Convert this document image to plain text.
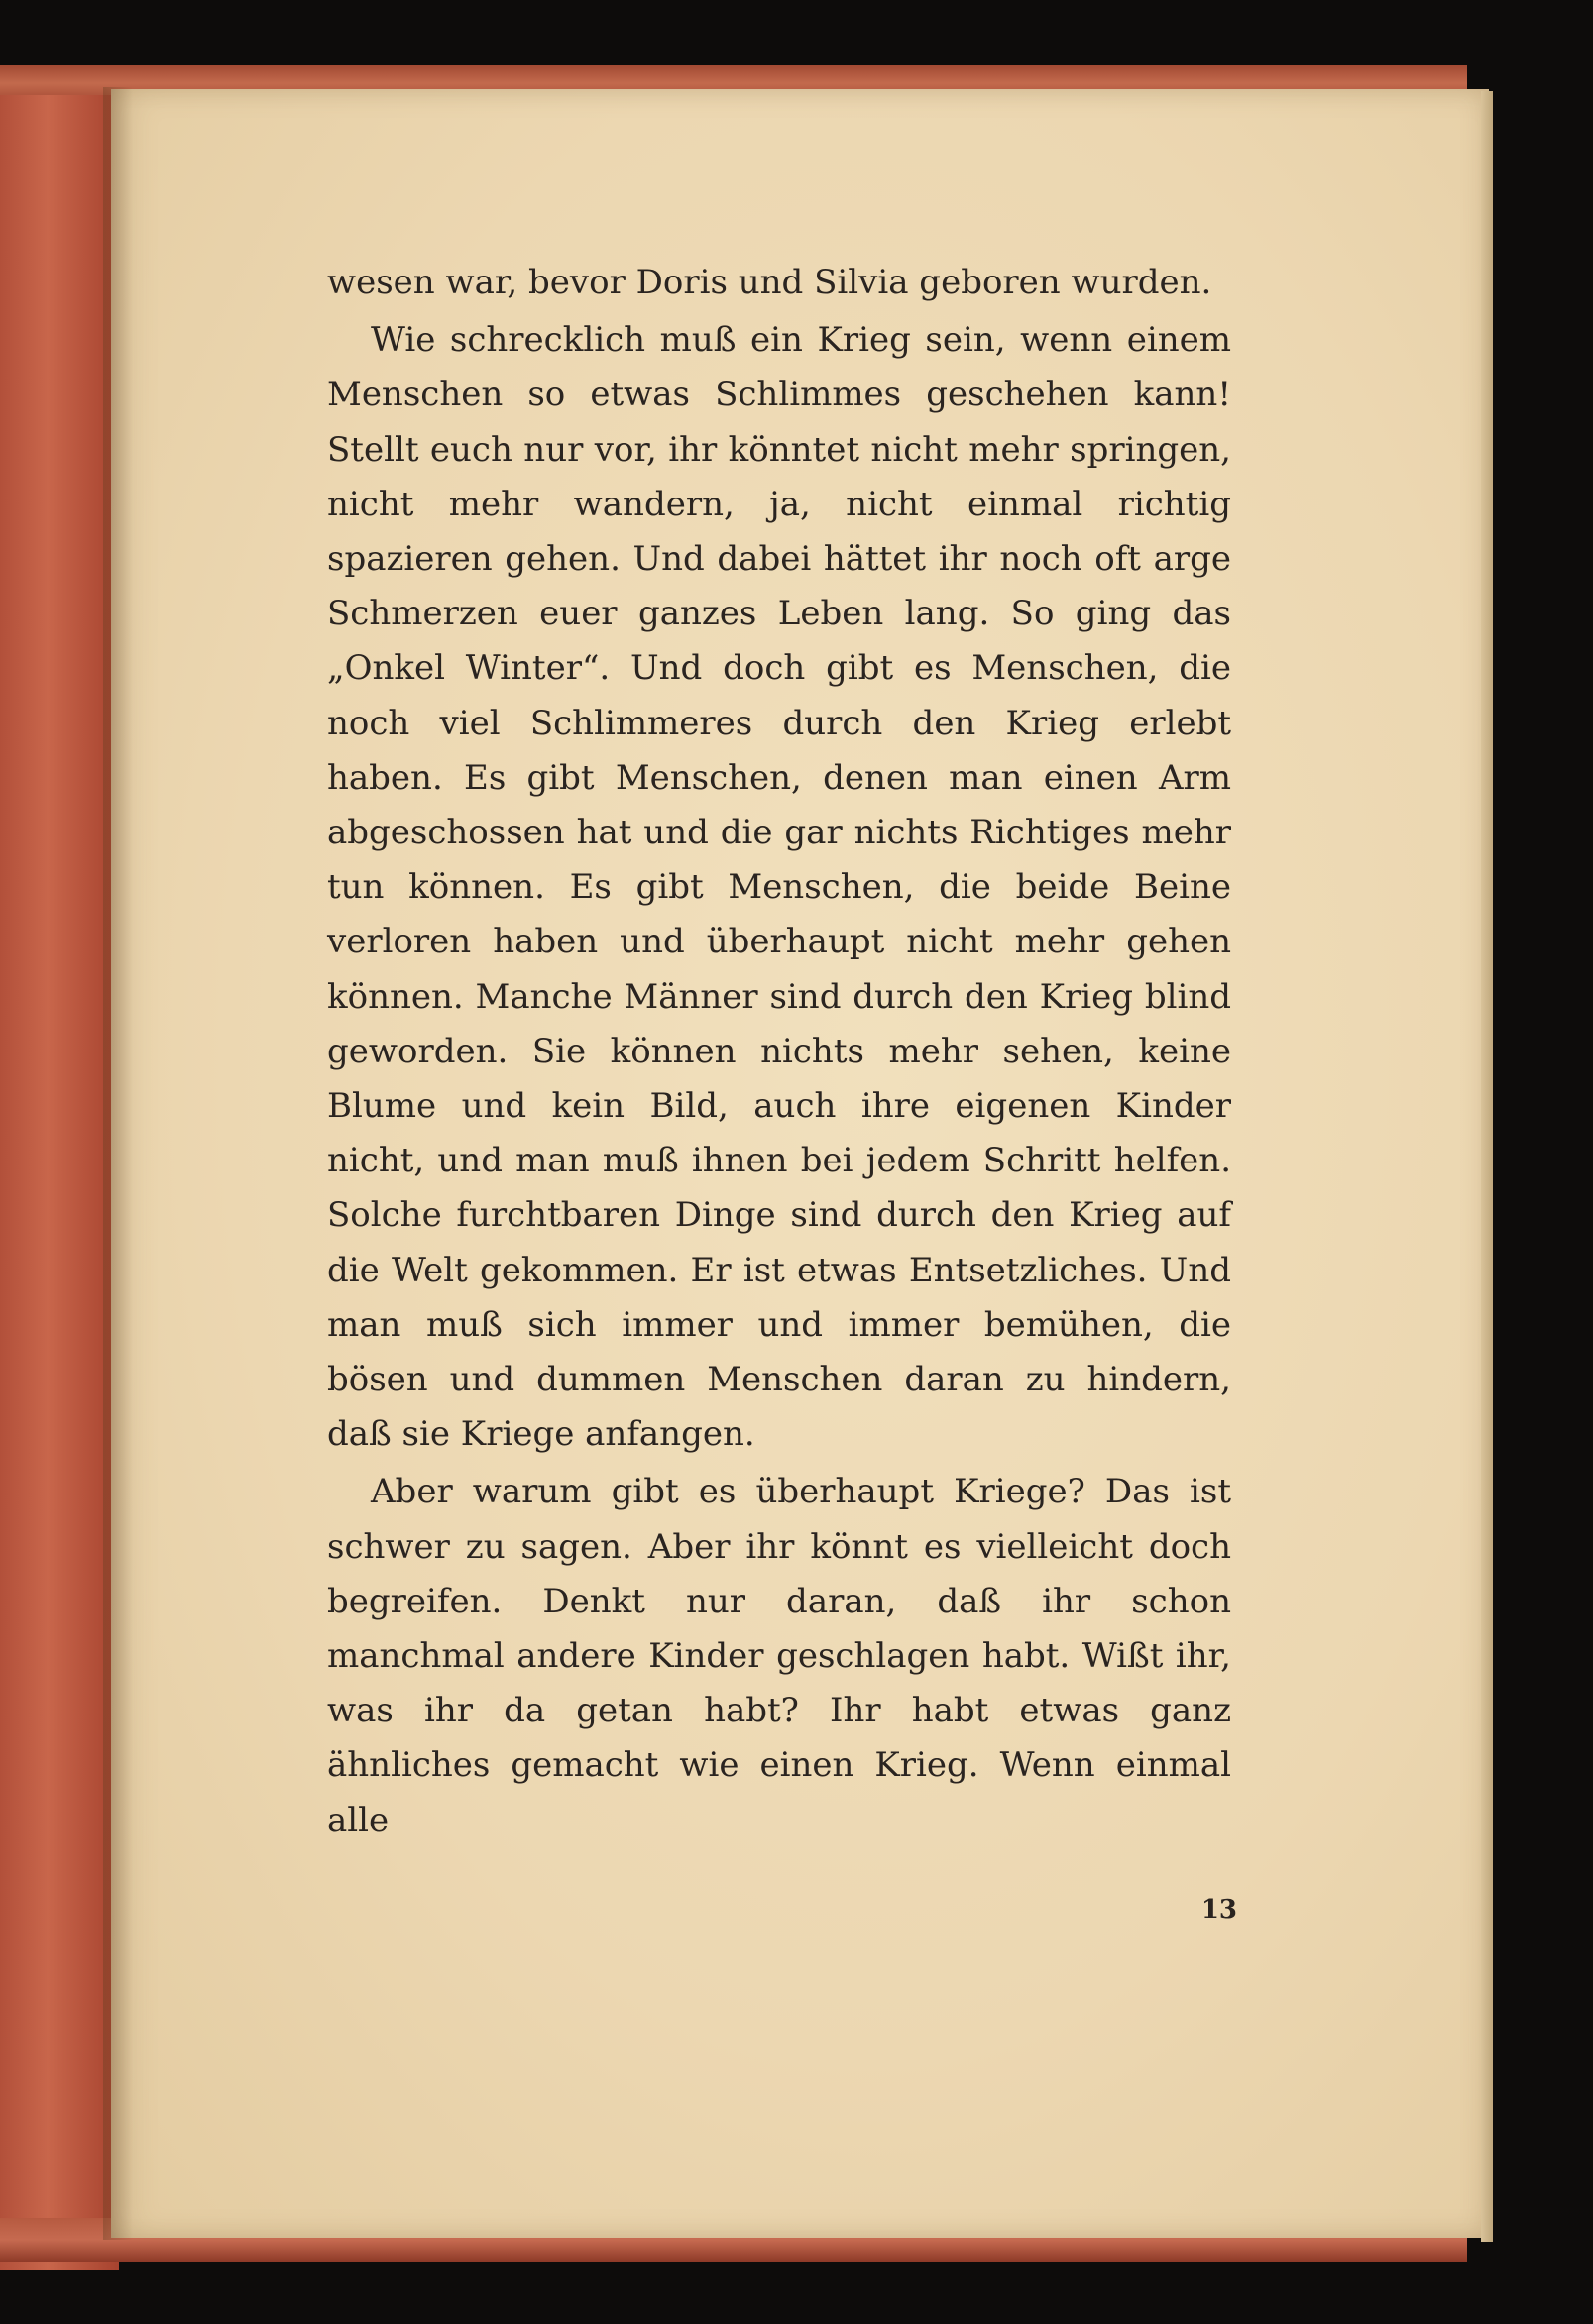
wesen war, bevor Doris und Silvia geboren wurden.

Wie schrecklich muß ein Krieg sein, wenn einem Menschen so etwas Schlimmes geschehen kann! Stellt euch nur vor, ihr könntet nicht mehr springen, nicht mehr wandern, ja, nicht einmal richtig spazieren gehen. Und dabei hättet ihr noch oft arge Schmerzen euer ganzes Leben lang. So ging das „Onkel Winter“. Und doch gibt es Menschen, die noch viel Schlimmeres durch den Krieg erlebt haben. Es gibt Menschen, denen man einen Arm abgeschossen hat und die gar nichts Richtiges mehr tun können. Es gibt Menschen, die beide Beine verloren haben und überhaupt nicht mehr gehen können. Manche Männer sind durch den Krieg blind geworden. Sie können nichts mehr sehen, keine Blume und kein Bild, auch ihre eigenen Kinder nicht, und man muß ihnen bei jedem Schritt helfen. Solche furchtbaren Dinge sind durch den Krieg auf die Welt gekommen. Er ist etwas Entsetzliches. Und man muß sich immer und immer bemühen, die bösen und dummen Menschen daran zu hindern, daß sie Kriege anfangen.

Aber warum gibt es überhaupt Kriege? Das ist schwer zu sagen. Aber ihr könnt es vielleicht doch begreifen. Denkt nur daran, daß ihr schon manchmal andere Kinder geschlagen habt. Wißt ihr, was ihr da getan habt? Ihr habt etwas ganz ähnliches gemacht wie einen Krieg. Wenn einmal alle

13
